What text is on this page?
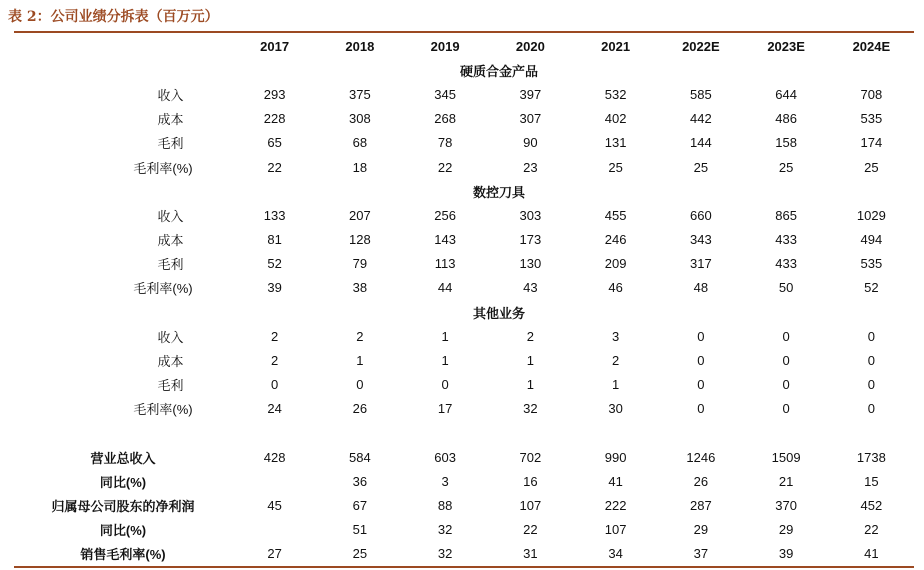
表 2：公司业绩分拆表（百万元）
	2017	2018	2019	2020	2021	2022E	2023E	2024E
硬质合金产品								
收入	293	375	345	397	532	585	644	708
成本	228	308	268	307	402	442	486	535
毛利	65	68	78	90	131	144	158	174
毛利率(%)	22	18	22	23	25	25	25	25
数控刀具								
收入	133	207	256	303	455	660	865	1029
成本	81	128	143	173	246	343	433	494
毛利	52	79	113	130	209	317	433	535
毛利率(%)	39	38	44	43	46	48	50	52
其他业务								
收入	2	2	1	2	3	0	0	0
成本	2	1	1	1	2	0	0	0
毛利	0	0	0	1	1	0	0	0
毛利率(%)	24	26	17	32	30	0	0	0

营业总收入	428	584	603	702	990	1246	1509	1738
同比(%)		36	3	16	41	26	21	15
归属母公司股东的净利润	45	67	88	107	222	287	370	452
同比(%)		51	32	22	107	29	29	22
销售毛利率(%)	27	25	32	31	34	37	39	41
